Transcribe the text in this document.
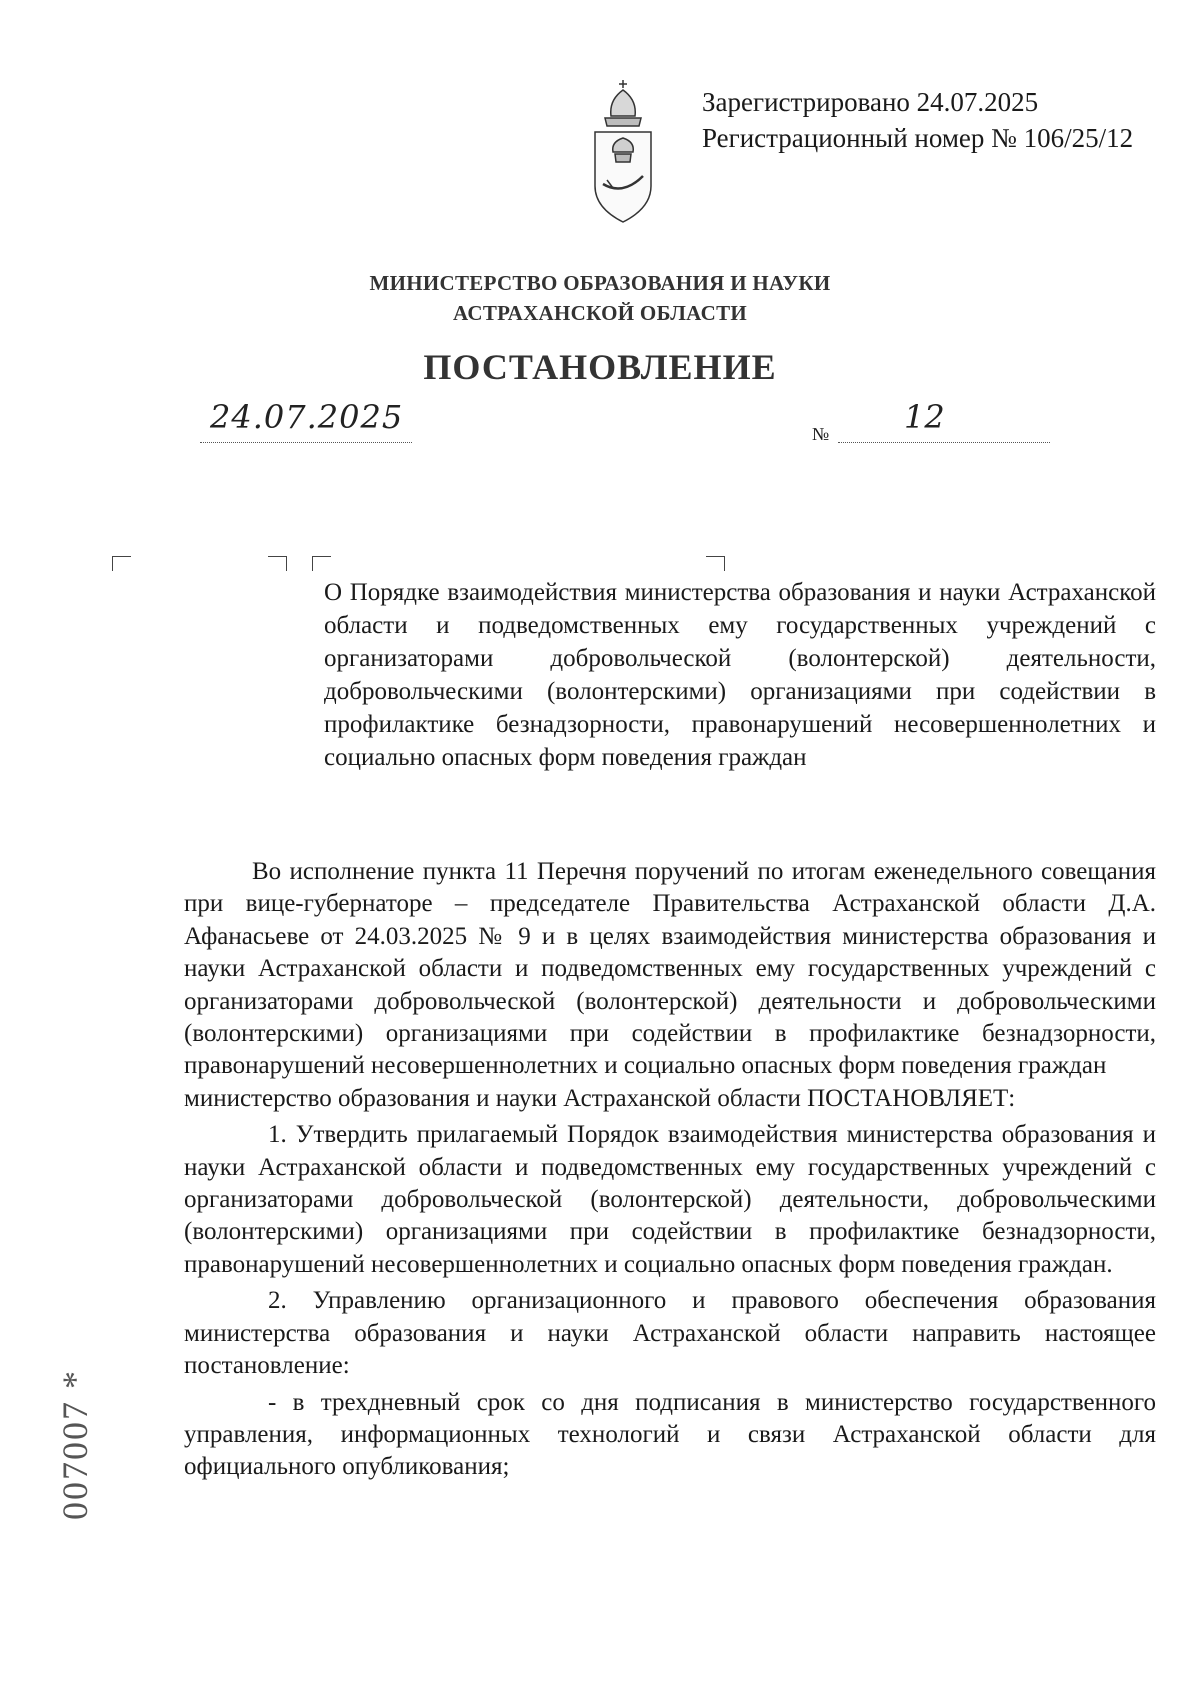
Зарегистрировано 24.07.2025
Регистрационный номер № 106/25/12
МИНИСТЕРСТВО ОБРАЗОВАНИЯ И НАУКИ
АСТРАХАНСКОЙ ОБЛАСТИ
ПОСТАНОВЛЕНИЕ
24.07.2025	№ 12
О Порядке взаимодействия министерства образования и науки Астраханской области и подведомственных ему государственных учреждений с организаторами добровольческой (волонтерской) деятельности, добровольческими (волонтерскими) организациями при содействии в профилактике безнадзорности, правонарушений несовершеннолетних и социально опасных форм поведения граждан

Во исполнение пункта 11 Перечня поручений по итогам еженедельного совещания при вице-губернаторе – председателе Правительства Астраханской области Д.А. Афанасьеве от 24.03.2025 № 9 и в целях взаимодействия министерства образования и науки Астраханской области и подведомственных ему государственных учреждений с организаторами добровольческой (волонтерской) деятельности и добровольческими (волонтерскими) организациями при содействии в профилактике безнадзорности, правонарушений несовершеннолетних и социально опасных форм поведения граждан

министерство образования и науки Астраханской области ПОСТАНОВЛЯЕТ:

1. Утвердить прилагаемый Порядок взаимодействия министерства образования и науки Астраханской области и подведомственных ему государственных учреждений с организаторами добровольческой (волонтерской) деятельности, добровольческими (волонтерскими) организациями при содействии в профилактике безнадзорности, правонарушений несовершеннолетних и социально опасных форм поведения граждан.

2. Управлению организационного и правового обеспечения образования министерства образования и науки Астраханской области направить настоящее постановление:

- в трехдневный срок со дня подписания в министерство государственного управления, информационных технологий и связи Астраханской области для официального опубликования;

007007 *
